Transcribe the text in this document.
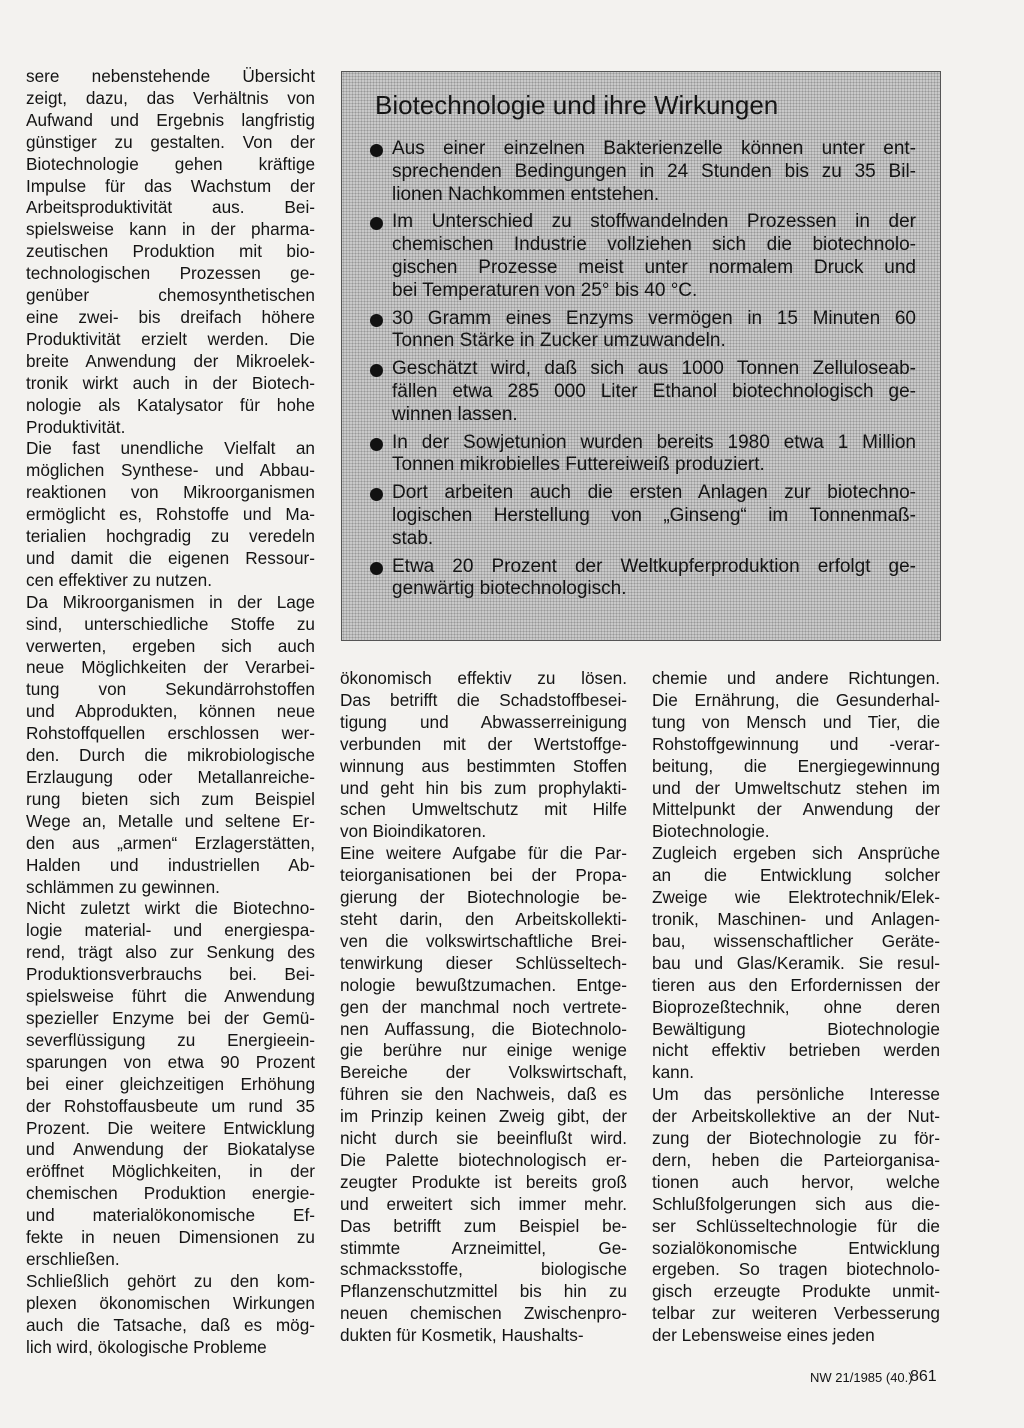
sere nebenstehende Übersicht
zeigt, dazu, das Verhältnis von
Aufwand und Ergebnis langfristig
günstiger zu gestalten. Von der
Biotechnologie gehen kräftige
Impulse für das Wachstum der
Arbeitsproduktivität aus. Bei-
spielsweise kann in der pharma-
zeutischen Produktion mit bio-
technologischen Prozessen ge-
genüber chemosynthetischen
eine zwei- bis dreifach höhere
Produktivität erzielt werden. Die
breite Anwendung der Mikroelek-
tronik wirkt auch in der Biotech-
nologie als Katalysator für hohe
Produktivität.
Die fast unendliche Vielfalt an
möglichen Synthese- und Abbau-
reaktionen von Mikroorganismen
ermöglicht es, Rohstoffe und Ma-
terialien hochgradig zu veredeln
und damit die eigenen Ressour-
cen effektiver zu nutzen.
Da Mikroorganismen in der Lage
sind, unterschiedliche Stoffe zu
verwerten, ergeben sich auch
neue Möglichkeiten der Verarbei-
tung von Sekundärrohstoffen
und Abprodukten, können neue
Rohstoffquellen erschlossen wer-
den. Durch die mikrobiologische
Erzlaugung oder Metallanreiche-
rung bieten sich zum Beispiel
Wege an, Metalle und seltene Er-
den aus „armen“ Erzlagerstätten,
Halden und industriellen Ab-
schlämmen zu gewinnen.
Nicht zuletzt wirkt die Biotechno-
logie material- und energiespa-
rend, trägt also zur Senkung des
Produktionsverbrauchs bei. Bei-
spielsweise führt die Anwendung
spezieller Enzyme bei der Gemü-
severflüssigung zu Energieein-
sparungen von etwa 90 Prozent
bei einer gleichzeitigen Erhöhung
der Rohstoffausbeute um rund 35
Prozent. Die weitere Entwicklung
und Anwendung der Biokatalyse
eröffnet Möglichkeiten, in der
chemischen Produktion energie-
und materialökonomische Ef-
fekte in neuen Dimensionen zu
erschließen.
Schließlich gehört zu den kom-
plexen ökonomischen Wirkungen
auch die Tatsache, daß es mög-
lich wird, ökologische Probleme
ökonomisch effektiv zu lösen.
Das betrifft die Schadstoffbesei-
tigung und Abwasserreinigung
verbunden mit der Wertstoffge-
winnung aus bestimmten Stoffen
und geht hin bis zum prophylakti-
schen Umweltschutz mit Hilfe
von Bioindikatoren.
Eine weitere Aufgabe für die Par-
teiorganisationen bei der Propa-
gierung der Biotechnologie be-
steht darin, den Arbeitskollekti-
ven die volkswirtschaftliche Brei-
tenwirkung dieser Schlüsseltech-
nologie bewußtzumachen. Entge-
gen der manchmal noch vertrete-
nen Auffassung, die Biotechnolo-
gie berühre nur einige wenige
Bereiche der Volkswirtschaft,
führen sie den Nachweis, daß es
im Prinzip keinen Zweig gibt, der
nicht durch sie beeinflußt wird.
Die Palette biotechnologisch er-
zeugter Produkte ist bereits groß
und erweitert sich immer mehr.
Das betrifft zum Beispiel be-
stimmte Arzneimittel, Ge-
schmacksstoffe, biologische
Pflanzenschutzmittel bis hin zu
neuen chemischen Zwischenpro-
dukten für Kosmetik, Haushalts-
chemie und andere Richtungen.
Die Ernährung, die Gesunderhal-
tung von Mensch und Tier, die
Rohstoffgewinnung und -verar-
beitung, die Energiegewinnung
und der Umweltschutz stehen im
Mittelpunkt der Anwendung der
Biotechnologie.
Zugleich ergeben sich Ansprüche
an die Entwicklung solcher
Zweige wie Elektrotechnik/Elek-
tronik, Maschinen- und Anlagen-
bau, wissenschaftlicher Geräte-
bau und Glas/Keramik. Sie resul-
tieren aus den Erfordernissen der
Bioprozeßtechnik, ohne deren
Bewältigung Biotechnologie
nicht effektiv betrieben werden
kann.
Um das persönliche Interesse
der Arbeitskollektive an der Nut-
zung der Biotechnologie zu för-
dern, heben die Parteiorganisa-
tionen auch hervor, welche
Schlußfolgerungen sich aus die-
ser Schlüsseltechnologie für die
sozialökonomische Entwicklung
ergeben. So tragen biotechnolo-
gisch erzeugte Produkte unmit-
telbar zur weiteren Verbesserung
der Lebensweise eines jeden
Biotechnologie und ihre Wirkungen
Aus einer einzelnen Bakterienzelle können unter ent-
sprechenden Bedingungen in 24 Stunden bis zu 35 Bil-
lionen Nachkommen entstehen.
Im Unterschied zu stoffwandelnden Prozessen in der
chemischen Industrie vollziehen sich die biotechnolo-
gischen Prozesse meist unter normalem Druck und
bei Temperaturen von 25° bis 40 °C.
30 Gramm eines Enzyms vermögen in 15 Minuten 60
Tonnen Stärke in Zucker umzuwandeln.
Geschätzt wird, daß sich aus 1000 Tonnen Zelluloseab-
fällen etwa 285 000 Liter Ethanol biotechnologisch ge-
winnen lassen.
In der Sowjetunion wurden bereits 1980 etwa 1 Million
Tonnen mikrobielles Futtereiweiß produziert.
Dort arbeiten auch die ersten Anlagen zur biotechno-
logischen Herstellung von „Ginseng“ im Tonnenmaß-
stab.
Etwa 20 Prozent der Weltkupferproduktion erfolgt ge-
genwärtig biotechnologisch.
NW 21/1985 (40.)
861
